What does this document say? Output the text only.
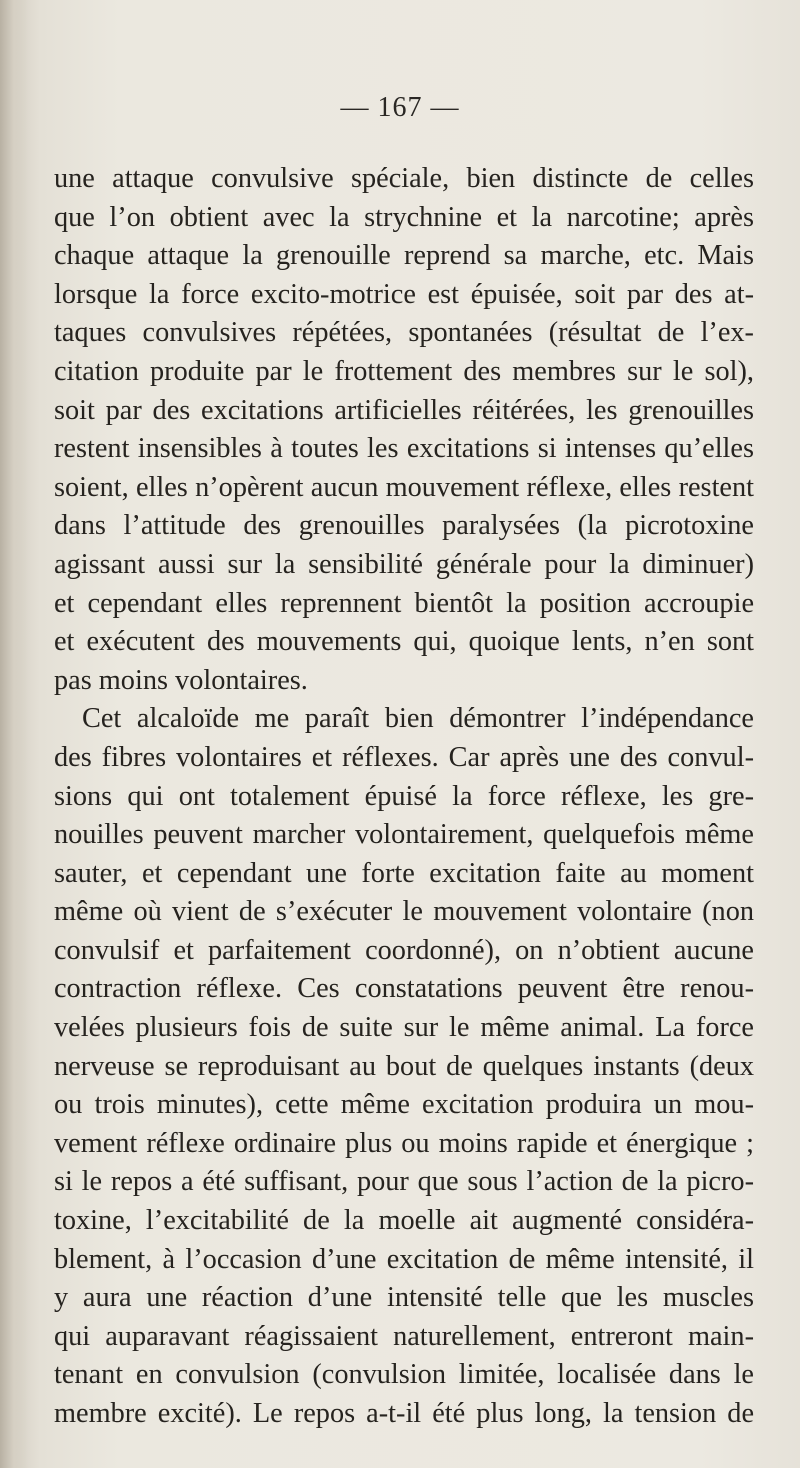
— 167 —
une attaque convulsive spéciale, bien distincte de celles
que l’on obtient avec la strychnine et la narcotine; après
chaque attaque la grenouille reprend sa marche, etc. Mais
lorsque la force excito-motrice est épuisée, soit par des at-
taques convulsives répétées, spontanées (résultat de l’ex-
citation produite par le frottement des membres sur le sol),
soit par des excitations artificielles réitérées, les grenouilles
restent insensibles à toutes les excitations si intenses qu’elles
soient, elles n’opèrent aucun mouvement réflexe, elles restent
dans l’attitude des grenouilles paralysées (la picrotoxine
agissant aussi sur la sensibilité générale pour la diminuer)
et cependant elles reprennent bientôt la position accroupie
et exécutent des mouvements qui, quoique lents, n’en sont
pas moins volontaires.
Cet alcaloïde me paraît bien démontrer l’indépendance
des fibres volontaires et réflexes. Car après une des convul-
sions qui ont totalement épuisé la force réflexe, les gre-
nouilles peuvent marcher volontairement, quelquefois même
sauter, et cependant une forte excitation faite au moment
même où vient de s’exécuter le mouvement volontaire (non
convulsif et parfaitement coordonné), on n’obtient aucune
contraction réflexe. Ces constatations peuvent être renou-
velées plusieurs fois de suite sur le même animal. La force
nerveuse se reproduisant au bout de quelques instants (deux
ou trois minutes), cette même excitation produira un mou-
vement réflexe ordinaire plus ou moins rapide et énergique ;
si le repos a été suffisant, pour que sous l’action de la picro-
toxine, l’excitabilité de la moelle ait augmenté considéra-
blement, à l’occasion d’une excitation de même intensité, il
y aura une réaction d’une intensité telle que les muscles
qui auparavant réagissaient naturellement, entreront main-
tenant en convulsion (convulsion limitée, localisée dans le
membre excité). Le repos a-t-il été plus long, la tension de
